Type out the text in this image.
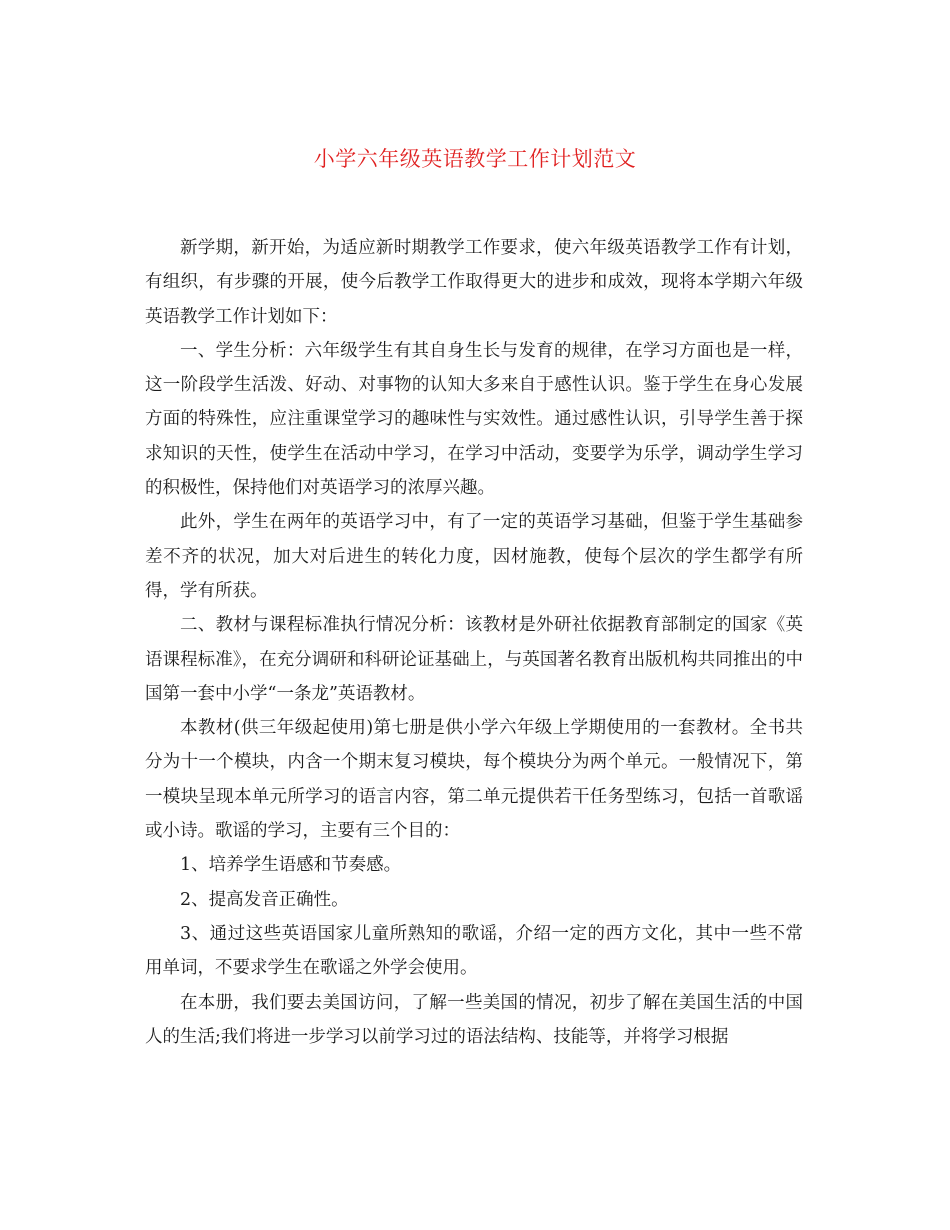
小学六年级英语教学工作计划范文

新学期，新开始，为适应新时期教学工作要求，使六年级英语教学工作有计划，有组织，有步骤的开展，使今后教学工作取得更大的进步和成效，现将本学期六年级英语教学工作计划如下：

一、学生分析：六年级学生有其自身生长与发育的规律，在学习方面也是一样，这一阶段学生活泼、好动、对事物的认知大多来自于感性认识。鉴于学生在身心发展方面的特殊性，应注重课堂学习的趣味性与实效性。通过感性认识，引导学生善于探求知识的天性，使学生在活动中学习，在学习中活动，变要学为乐学，调动学生学习的积极性，保持他们对英语学习的浓厚兴趣。

此外，学生在两年的英语学习中，有了一定的英语学习基础，但鉴于学生基础参差不齐的状况，加大对后进生的转化力度，因材施教，使每个层次的学生都学有所得，学有所获。

二、教材与课程标准执行情况分析：该教材是外研社依据教育部制定的国家《英语课程标准》，在充分调研和科研论证基础上，与英国著名教育出版机构共同推出的中国第一套中小学“一条龙”英语教材。

本教材(供三年级起使用)第七册是供小学六年级上学期使用的一套教材。全书共分为十一个模块，内含一个期末复习模块，每个模块分为两个单元。一般情况下，第一模块呈现本单元所学习的语言内容，第二单元提供若干任务型练习，包括一首歌谣或小诗。歌谣的学习，主要有三个目的：

1、培养学生语感和节奏感。

2、提高发音正确性。

3、通过这些英语国家儿童所熟知的歌谣，介绍一定的西方文化，其中一些不常用单词，不要求学生在歌谣之外学会使用。

在本册，我们要去美国访问，了解一些美国的情况，初步了解在美国生活的中国人的生活;我们将进一步学习以前学习过的语法结构、技能等，并将学习根据
